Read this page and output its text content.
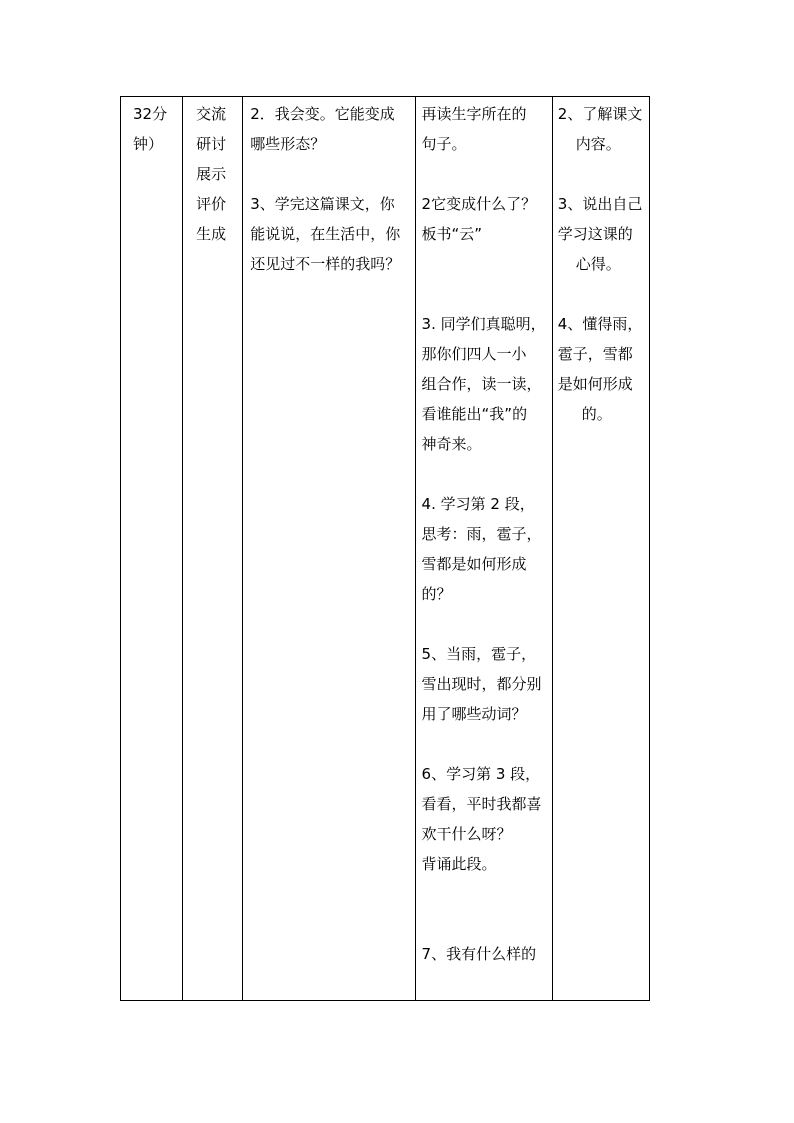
32分
钟）

交流
研讨
展示
评价
生成

2．我会变。它能变成
哪些形态？
3、学完这篇课文，你
能说说，在生活中，你
还见过不一样的我吗？

再读生字所在的
句子。
2它变成什么了？
板书“云”
3. 同学们真聪明，
那你们四人一小
组合作，读一读，
看谁能出“我”的
神奇来。
4. 学习第 2 段，
思考：雨，雹子，
雪都是如何形成
的？
5、当雨，雹子，
雪出现时，都分别
用了哪些动词？
6、学习第 3 段，
看看，平时我都喜
欢干什么呀？
背诵此段。
7、我有什么样的

2、了解课文
内容。
3、说出自己
学习这课的
心得。
4、懂得雨，
雹子，雪都
是如何形成
的。
